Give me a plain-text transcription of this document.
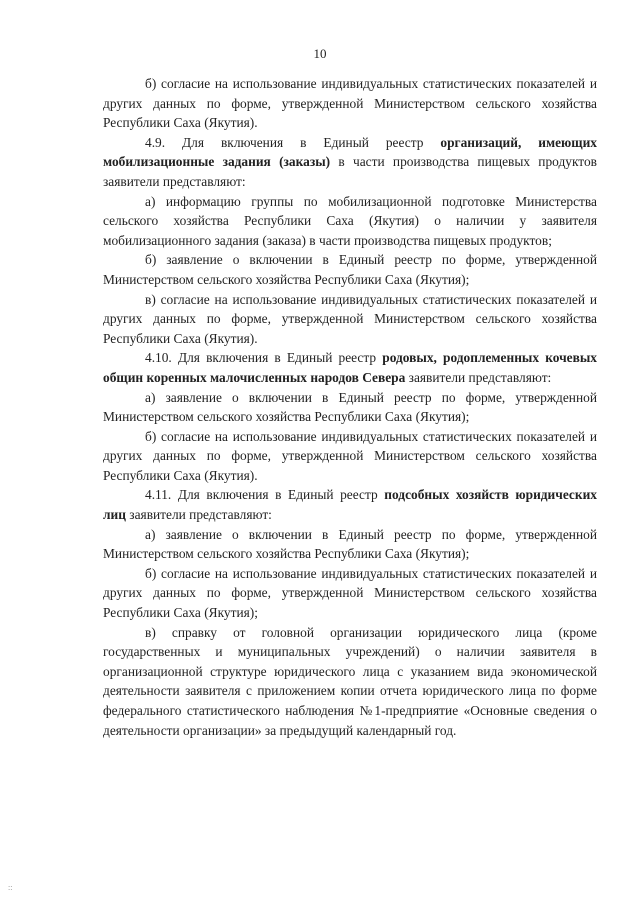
10

б) согласие на использование индивидуальных статистических показателей и других данных по форме, утвержденной Министерством сельского хозяйства Республики Саха (Якутия).

4.9. Для включения в Единый реестр организаций, имеющих мобилизационные задания (заказы) в части производства пищевых продуктов заявители представляют:

а) информацию группы по мобилизационной подготовке Министерства сельского хозяйства Республики Саха (Якутия) о наличии у заявителя мобилизационного задания (заказа) в части производства пищевых продуктов;

б) заявление о включении в Единый реестр по форме, утвержденной Министерством сельского хозяйства Республики Саха (Якутия);

в) согласие на использование индивидуальных статистических показателей и других данных по форме, утвержденной Министерством сельского хозяйства Республики Саха (Якутия).

4.10. Для включения в Единый реестр родовых, родоплеменных кочевых общин коренных малочисленных народов Севера заявители представляют:

а) заявление о включении в Единый реестр по форме, утвержденной Министерством сельского хозяйства Республики Саха (Якутия);

б) согласие на использование индивидуальных статистических показателей и других данных по форме, утвержденной Министерством сельского хозяйства Республики Саха (Якутия).

4.11. Для включения в Единый реестр подсобных хозяйств юридических лиц заявители представляют:

а) заявление о включении в Единый реестр по форме, утвержденной Министерством сельского хозяйства Республики Саха (Якутия);

б) согласие на использование индивидуальных статистических показателей и других данных по форме, утвержденной Министерством сельского хозяйства Республики Саха (Якутия);

в) справку от головной организации юридического лица (кроме государственных и муниципальных учреждений) о наличии заявителя в организационной структуре юридического лица с указанием вида экономической деятельности заявителя с приложением копии отчета юридического лица по форме федерального статистического наблюдения №1-предприятие «Основные сведения о деятельности организации» за предыдущий календарный год.

::
